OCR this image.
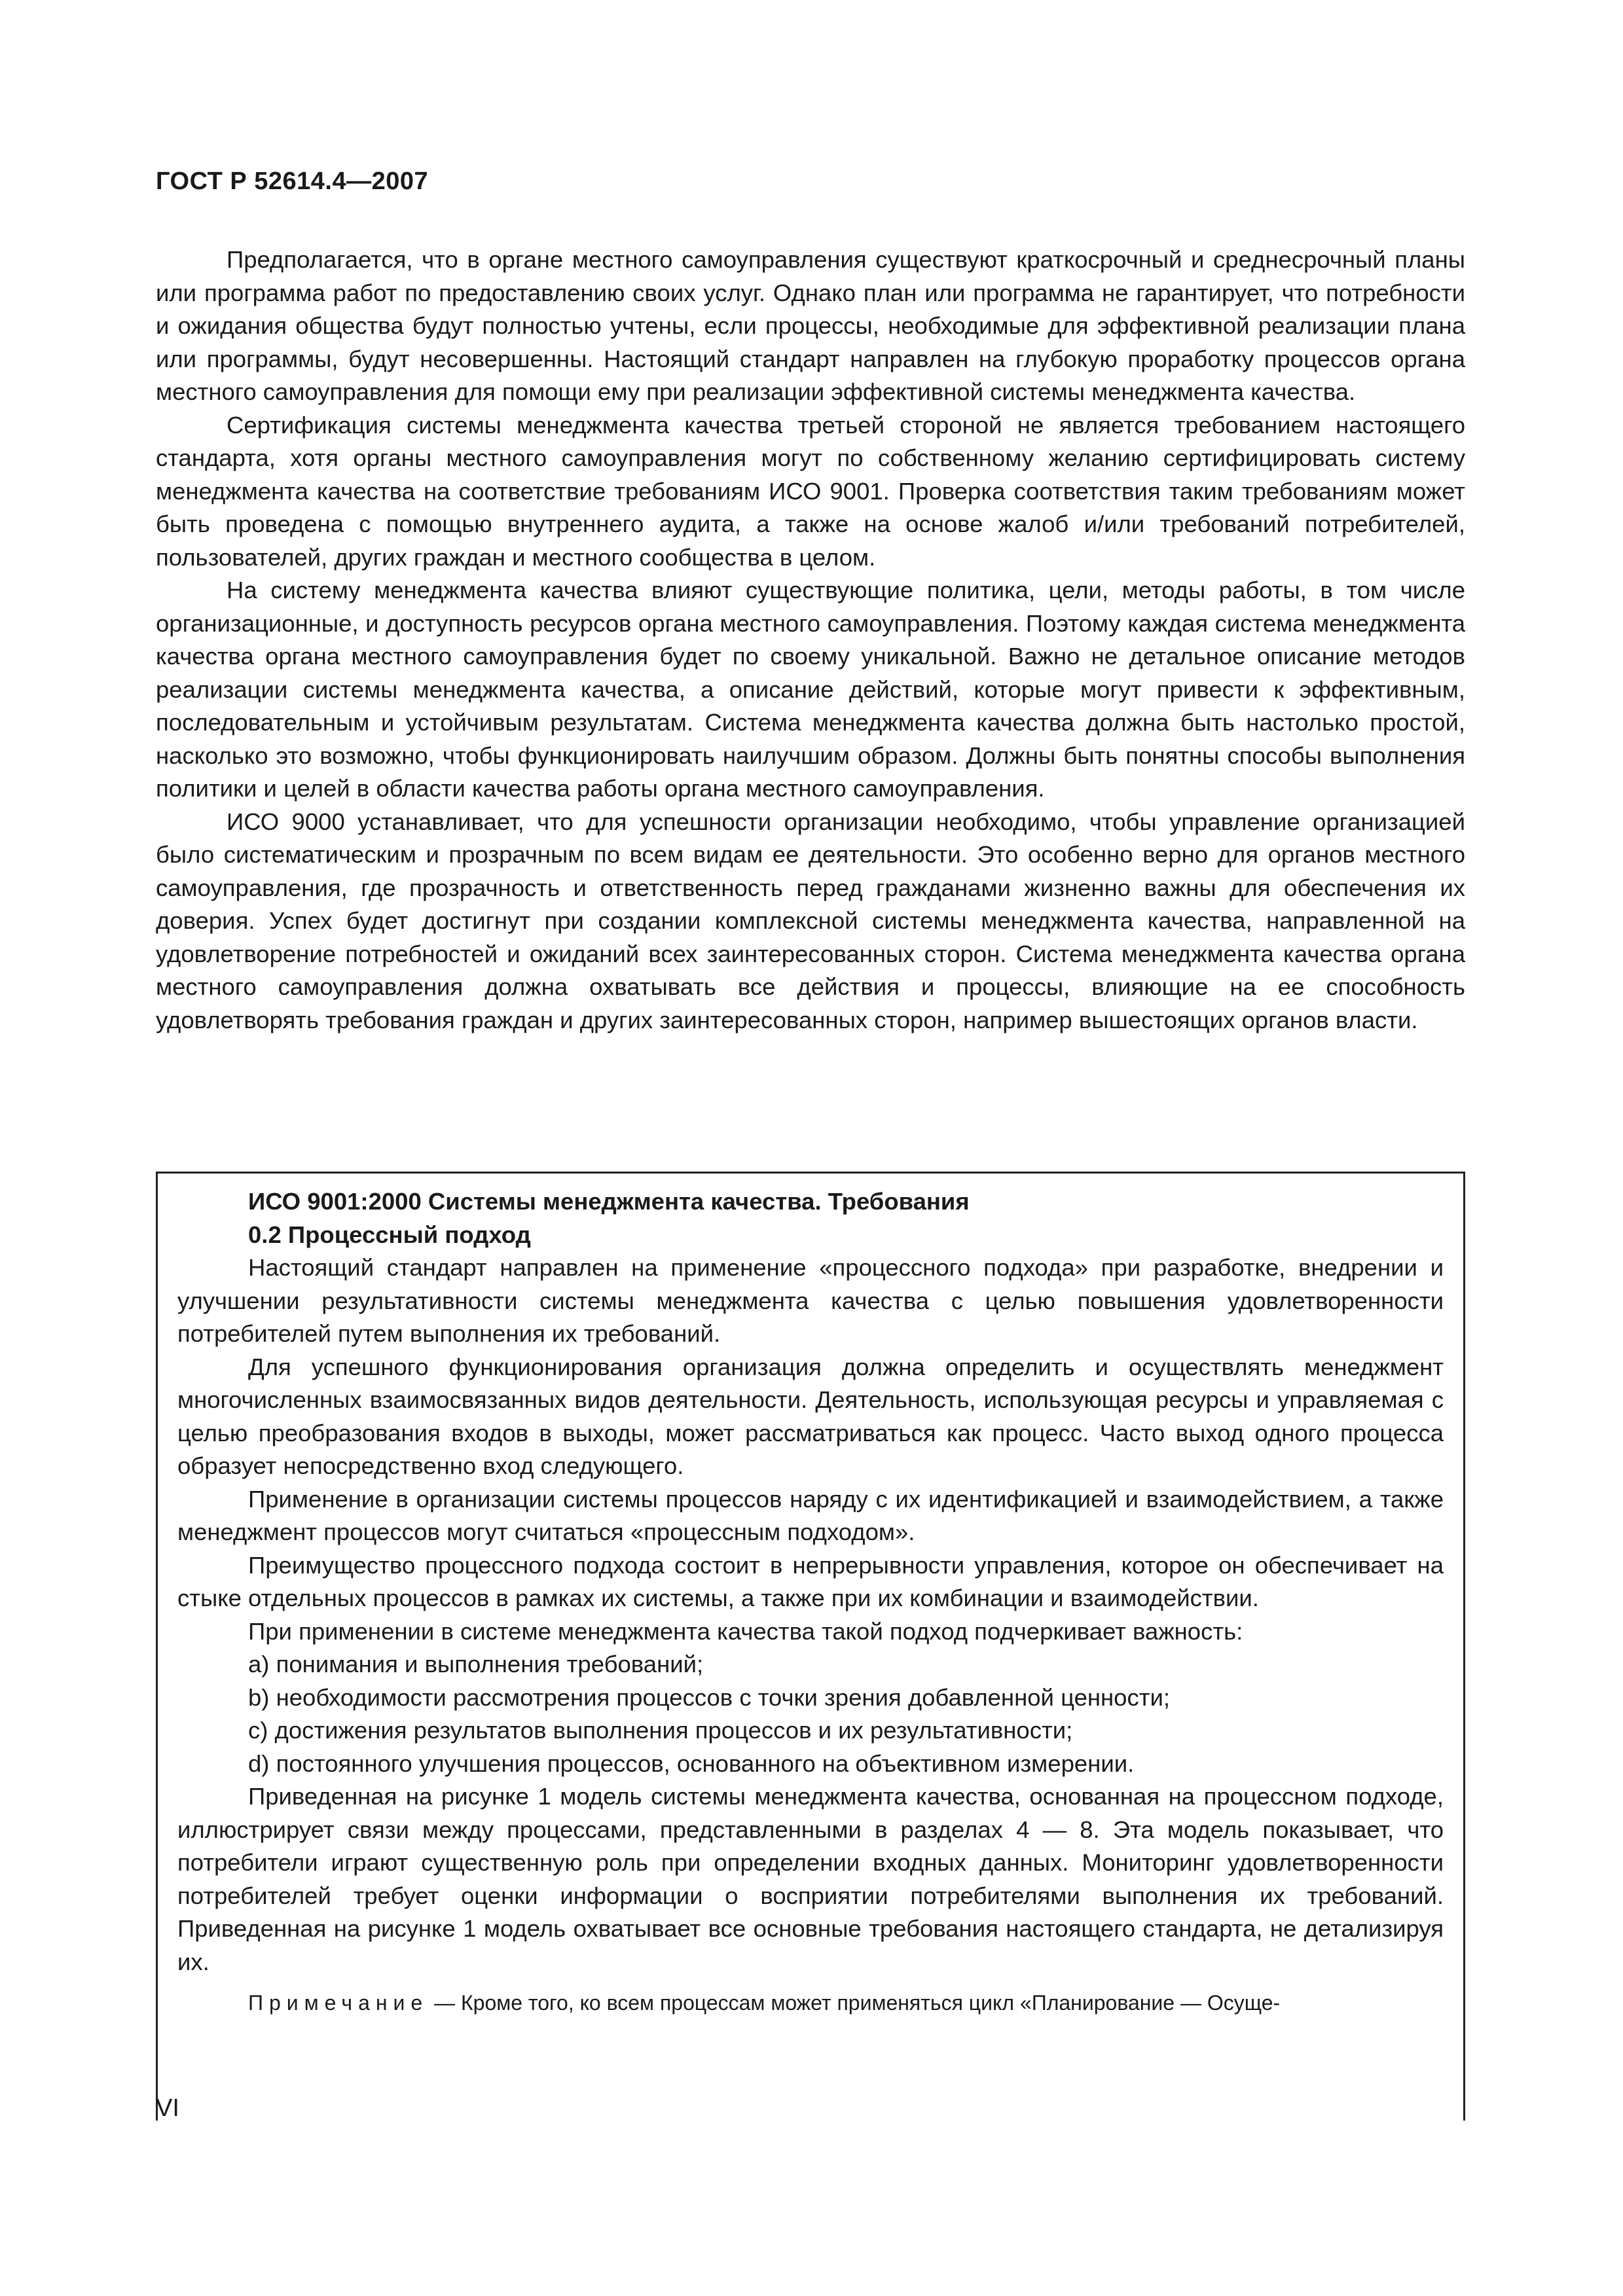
ГОСТ Р 52614.4—2007

Предполагается, что в органе местного самоуправления существуют краткосрочный и среднесрочный планы или программа работ по предоставлению своих услуг. Однако план или программа не гарантирует, что потребности и ожидания общества будут полностью учтены, если процессы, необходимые для эффективной реализации плана или программы, будут несовершенны. Настоящий стандарт направлен на глубокую проработку процессов органа местного самоуправления для помощи ему при реализации эффективной системы менеджмента качества.

Сертификация системы менеджмента качества третьей стороной не является требованием настоящего стандарта, хотя органы местного самоуправления могут по собственному желанию сертифицировать систему менеджмента качества на соответствие требованиям ИСО 9001. Проверка соответствия таким требованиям может быть проведена с помощью внутреннего аудита, а также на основе жалоб и/или требований потребителей, пользователей, других граждан и местного сообщества в целом.

На систему менеджмента качества влияют существующие политика, цели, методы работы, в том числе организационные, и доступность ресурсов органа местного самоуправления. Поэтому каждая система менеджмента качества органа местного самоуправления будет по своему уникальной. Важно не детальное описание методов реализации системы менеджмента качества, а описание действий, которые могут привести к эффективным, последовательным и устойчивым результатам. Система менеджмента качества должна быть настолько простой, насколько это возможно, чтобы функционировать наилучшим образом. Должны быть понятны способы выполнения политики и целей в области качества работы органа местного самоуправления.

ИСО 9000 устанавливает, что для успешности организации необходимо, чтобы управление организацией было систематическим и прозрачным по всем видам ее деятельности. Это особенно верно для органов местного самоуправления, где прозрачность и ответственность перед гражданами жизненно важны для обеспечения их доверия. Успех будет достигнут при создании комплексной системы менеджмента качества, направленной на удовлетворение потребностей и ожиданий всех заинтересованных сторон. Система менеджмента качества органа местного самоуправления должна охватывать все действия и процессы, влияющие на ее способность удовлетворять требования граждан и других заинтересованных сторон, например вышестоящих органов власти.

ИСО 9001:2000 Системы менеджмента качества. Требования

0.2 Процессный подход

Настоящий стандарт направлен на применение «процессного подхода» при разработке, внедрении и улучшении результативности системы менеджмента качества с целью повышения удовлетворенности потребителей путем выполнения их требований.

Для успешного функционирования организация должна определить и осуществлять менеджмент многочисленных взаимосвязанных видов деятельности. Деятельность, использующая ресурсы и управляемая с целью преобразования входов в выходы, может рассматриваться как процесс. Часто выход одного процесса образует непосредственно вход следующего.

Применение в организации системы процессов наряду с их идентификацией и взаимодействием, а также менеджмент процессов могут считаться «процессным подходом».

Преимущество процессного подхода состоит в непрерывности управления, которое он обеспечивает на стыке отдельных процессов в рамках их системы, а также при их комбинации и взаимодействии.

При применении в системе менеджмента качества такой подход подчеркивает важность:

a) понимания и выполнения требований;

b) необходимости рассмотрения процессов с точки зрения добавленной ценности;

c) достижения результатов выполнения процессов и их результативности;

d) постоянного улучшения процессов, основанного на объективном измерении.

Приведенная на рисунке 1 модель системы менеджмента качества, основанная на процессном подходе, иллюстрирует связи между процессами, представленными в разделах 4 — 8. Эта модель показывает, что потребители играют существенную роль при определении входных данных. Мониторинг удовлетворенности потребителей требует оценки информации о восприятии потребителями выполнения их требований. Приведенная на рисунке 1 модель охватывает все основные требования настоящего стандарта, не детализируя их.

Примечание — Кроме того, ко всем процессам может применяться цикл «Планирование — Осуще-

VI
